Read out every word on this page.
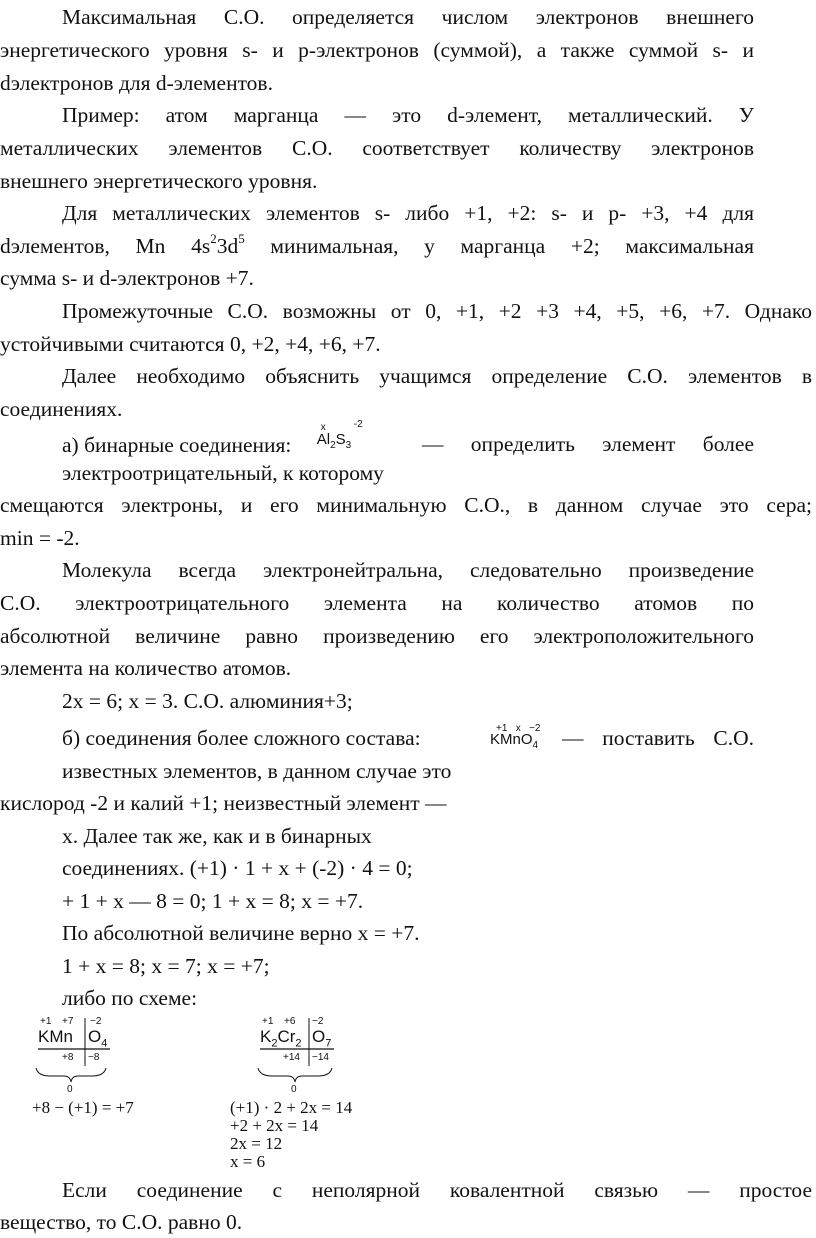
Максимальная С.О. определяется числом электронов внешнего

энергетического уровня s- и р-электронов (суммой), а также суммой s- и

dэлектронов для d-элементов.

Пример: атом марганца — это d-элемент, металлический. У

металлических элементов С.О. соответствует количеству электронов

внешнего энергетического уровня.

Для металлических элементов s- либо +1, +2: s- и р- +3, +4 для

dэлементов, Mn $4s^23d^5$ минимальная, у марганца +2; максимальная

сумма s- и d-электронов +7.

Промежуточные С.О. возможны от 0, +1, +2 +3 +4, +5, +6, +7. Однако

устойчивыми считаются 0, +2, +4, +6, +7.

Далее необходимо объяснить учащимся определение С.О. элементов в

соединениях.

а) бинарные соединения:
x
$Al_2S_3$
-2
— определить элемент более

электроотрицательный, к которому

смещаются электроны, и его минимальную С.О., в данном случае это сера;

min = -2.

Молекула всегда электронейтральна, следовательно произведение

С.О. электроотрицательного элемента на количество атомов по

абсолютной величине равно произведению его электроположительного

элемента на количество атомов.

2x = 6; x = 3. С.О. алюминия+3;

б) соединения более сложного состава:	+1   x   −2
KMnO$_4$ — поставить С.О.

известных элементов, в данном случае это

кислород -2 и калий +1; неизвестный элемент —

х. Далее так же, как и в бинарных

соединениях. (+1) · 1 + х + (-2) · 4 = 0;

+ 1 + х — 8 = 0; 1 + х = 8; х = +7.

По абсолютной величине верно х = +7.

1 + х = 8; х = 7; х = +7;

либо по схеме:

+1 +7 −2
KMn $O_4$
+8 −8
0
+8 − (+1) = +7
+1 +6 −2
$K_2Cr_2$ $O_7$
+14 −14
0
(+1) · 2 + 2x = 14
+2 + 2x = 14
2x = 12
x = 6

Если соединение с неполярной ковалентной связью — простое

вещество, то С.О. равно 0.
